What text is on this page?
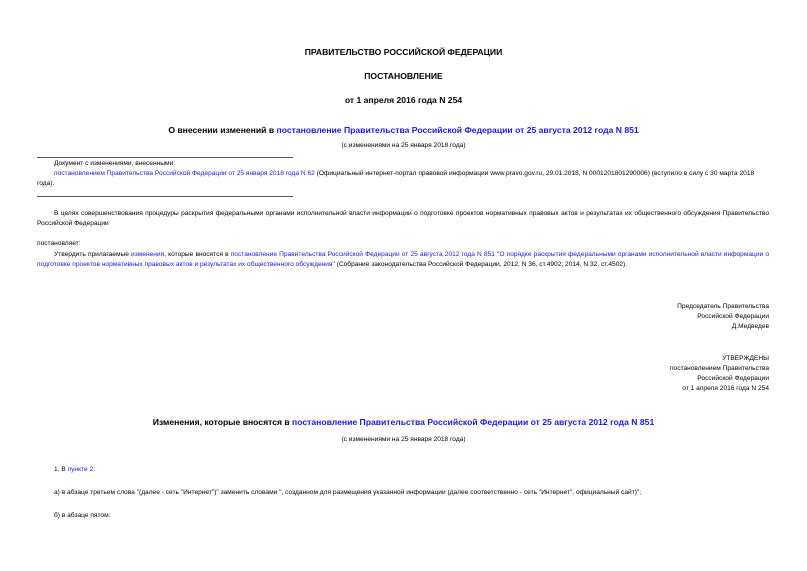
ПРАВИТЕЛЬСТВО РОССИЙСКОЙ ФЕДЕРАЦИИ
ПОСТАНОВЛЕНИЕ
от 1 апреля 2016 года N 254
О внесении изменений в постановление Правительства Российской Федерации от 25 августа 2012 года N 851
(с изменениями на 25 января 2018 года)
Документ с изменениями, внесенными:
постановлением Правительства Российской Федерации от 25 января 2018 года N 62 (Официальный интернет-портал правовой информации www.pravo.gov.ru, 29.01.2018, N 0001201801290006) (вступило в силу с 30 марта 2018 года).
В целях совершенствования процедуры раскрытия федеральными органами исполнительной власти информации о подготовке проектов нормативных правовых актов и результатах их общественного обсуждения Правительство Российской Федерации
постановляет:
Утвердить прилагаемые изменения, которые вносятся в постановление Правительства Российской Федерации от 25 августа 2012 года N 851 "О порядке раскрытия федеральными органами исполнительной власти информации о подготовке проектов нормативных правовых актов и результатах их общественного обсуждения" (Собрание законодательства Российской Федерации, 2012, N 36, ст.4902; 2014, N 32, ст.4502).
Председатель Правительства
Российской Федерации
Д.Медведев
УТВЕРЖДЕНЫ
постановлением Правительства
Российской Федерации
от 1 апреля 2016 года N 254
Изменения, которые вносятся в постановление Правительства Российской Федерации от 25 августа 2012 года N 851
(с изменениями на 25 января 2018 года)
1. В пункте 2:
а) в абзаце третьем слова "(далее - сеть "Интернет")" заменить словами ", созданном для размещения указанной информации (далее соответственно - сеть "Интернет", официальный сайт)";
б) в абзаце пятом:
